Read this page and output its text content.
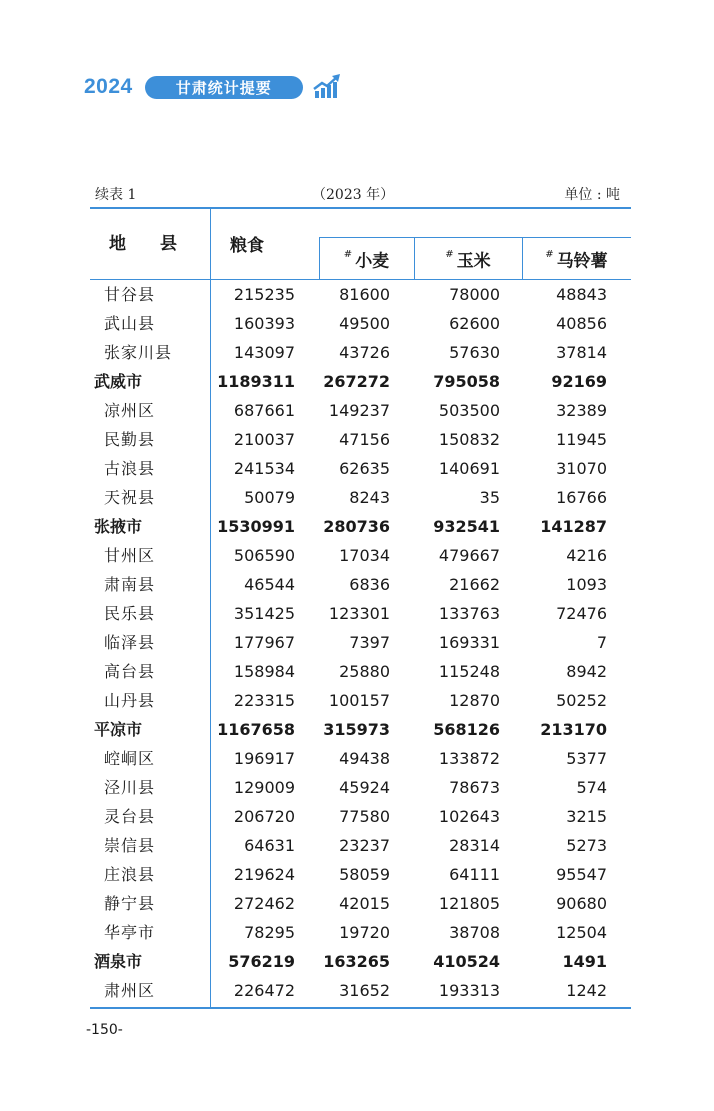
2024	甘肃统计提要
续表 1	（2023 年）	单位 : 吨
地 县	粮食	# 小麦	# 玉米	# 马铃薯
甘谷县	215235	81600	78000	48843
武山县	160393	49500	62600	40856
张家川县	143097	43726	57630	37814
武威市	1189311 267272	795058	92169
凉州区	687661 149237	503500	32389
民勤县	210037	47156	150832	11945
古浪县	241534	62635	140691	31070
天祝县	50079	8243	35	16766
张掖市	1530991 280736	932541	141287
甘州区	506590	17034	479667	4216
肃南县	46544	6836	21662	1093
民乐县	351425 123301	133763	72476
临泽县	177967	7397	169331	7
高台县	158984	25880	115248	8942
山丹县	223315 100157	12870	50252
平凉市	1167658 315973	568126	213170
崆峒区	196917	49438	133872	5377
泾川县	129009	45924	78673	574
灵台县	206720	77580	102643	3215
崇信县	64631	23237	28314	5273
庄浪县	219624	58059	64111	95547
静宁县	272462	42015	121805	90680
华亭市	78295	19720	38708	12504
酒泉市	576219 163265	410524	1491
肃州区	226472	31652	193313	1242
-150-
